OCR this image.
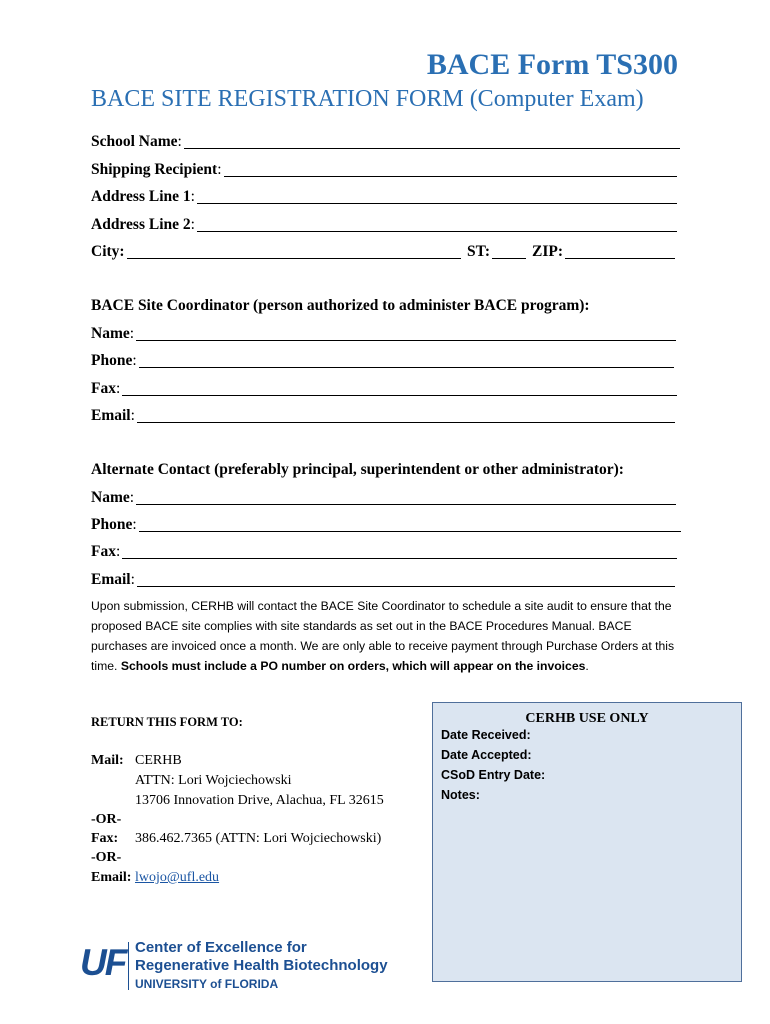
BACE Form TS300
BACE SITE REGISTRATION FORM (Computer Exam)
School Name :
Shipping Recipient :
Address Line 1 :
Address Line 2 :
City:	ST:	ZIP:
BACE Site Coordinator (person authorized to administer BACE program):
Name :
Phone :
Fax :
Email :
Alternate Contact (preferably principal, superintendent or other administrator):
Name :
Phone :
Fax :
Email :
Upon submission, CERHB will contact the BACE Site Coordinator to schedule a site audit to ensure that the proposed BACE site complies with site standards as set out in the BACE Procedures Manual. BACE purchases are invoiced once a month. We are only able to receive payment through Purchase Orders at this time. Schools must include a PO number on orders, which will appear on the invoices.
RETURN THIS FORM TO:
Mail: CERHB
ATTN: Lori Wojciechowski
13706 Innovation Drive, Alachua, FL 32615
-OR-
Fax: 386.462.7365 (ATTN: Lori Wojciechowski)
-OR-
Email: lwojo@ufl.edu
CERHB USE ONLY
Date Received:
Date Accepted:
CSoD Entry Date:
Notes:
UF Center of Excellence for
Regenerative Health Biotechnology
UNIVERSITY of FLORIDA
